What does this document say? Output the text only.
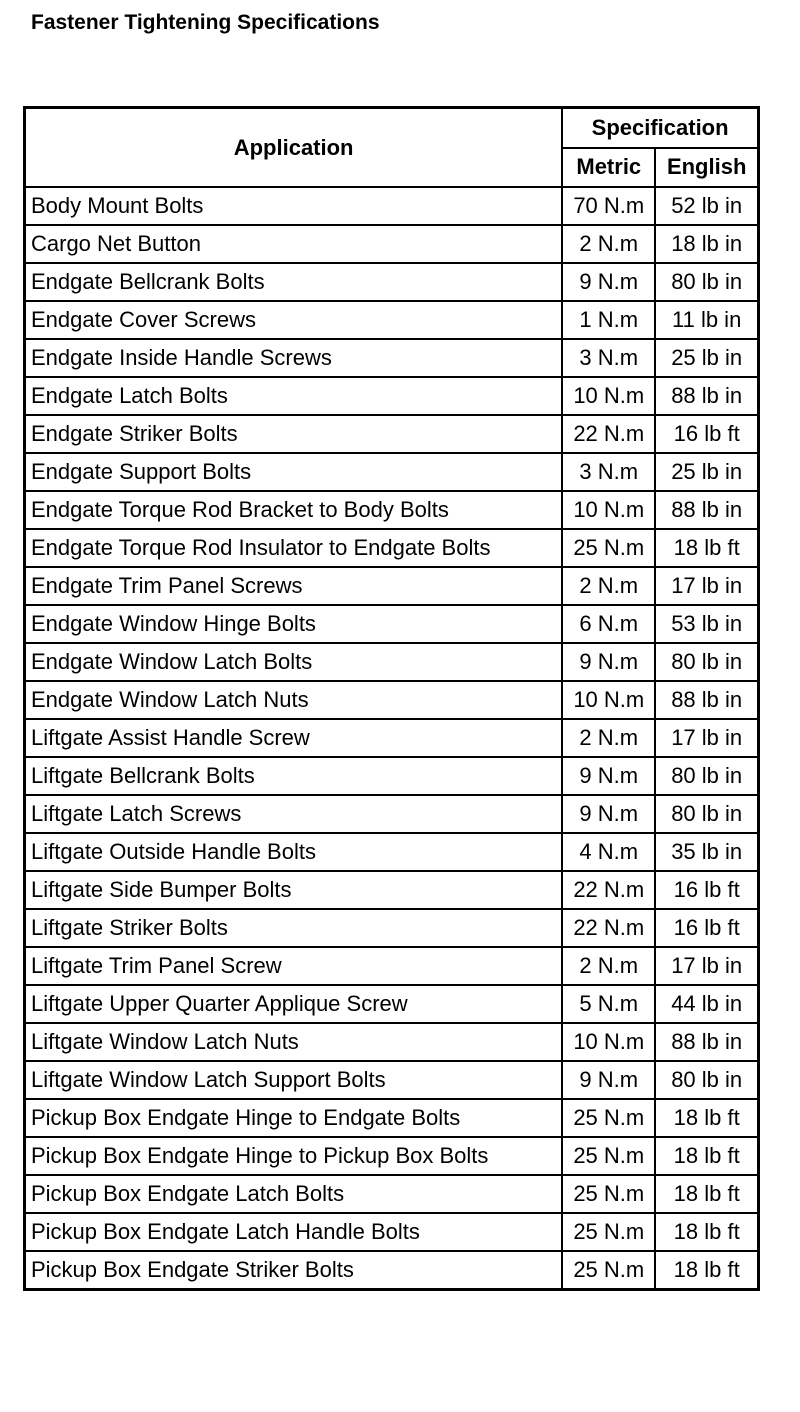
Fastener Tightening Specifications
Application	Specification	
	Metric	English
Body Mount Bolts	70 N.m	52 lb in
Cargo Net Button	2 N.m	18 lb in
Endgate Bellcrank Bolts	9 N.m	80 lb in
Endgate Cover Screws	1 N.m	11 lb in
Endgate Inside Handle Screws	3 N.m	25 lb in
Endgate Latch Bolts	10 N.m	88 lb in
Endgate Striker Bolts	22 N.m	16 lb ft
Endgate Support Bolts	3 N.m	25 lb in
Endgate Torque Rod Bracket to Body Bolts	10 N.m	88 lb in
Endgate Torque Rod Insulator to Endgate Bolts	25 N.m	18 lb ft
Endgate Trim Panel Screws	2 N.m	17 lb in
Endgate Window Hinge Bolts	6 N.m	53 lb in
Endgate Window Latch Bolts	9 N.m	80 lb in
Endgate Window Latch Nuts	10 N.m	88 lb in
Liftgate Assist Handle Screw	2 N.m	17 lb in
Liftgate Bellcrank Bolts	9 N.m	80 lb in
Liftgate Latch Screws	9 N.m	80 lb in
Liftgate Outside Handle Bolts	4 N.m	35 lb in
Liftgate Side Bumper Bolts	22 N.m	16 lb ft
Liftgate Striker Bolts	22 N.m	16 lb ft
Liftgate Trim Panel Screw	2 N.m	17 lb in
Liftgate Upper Quarter Applique Screw	5 N.m	44 lb in
Liftgate Window Latch Nuts	10 N.m	88 lb in
Liftgate Window Latch Support Bolts	9 N.m	80 lb in
Pickup Box Endgate Hinge to Endgate Bolts	25 N.m	18 lb ft
Pickup Box Endgate Hinge to Pickup Box Bolts	25 N.m	18 lb ft
Pickup Box Endgate Latch Bolts	25 N.m	18 lb ft
Pickup Box Endgate Latch Handle Bolts	25 N.m	18 lb ft
Pickup Box Endgate Striker Bolts	25 N.m	18 lb ft
